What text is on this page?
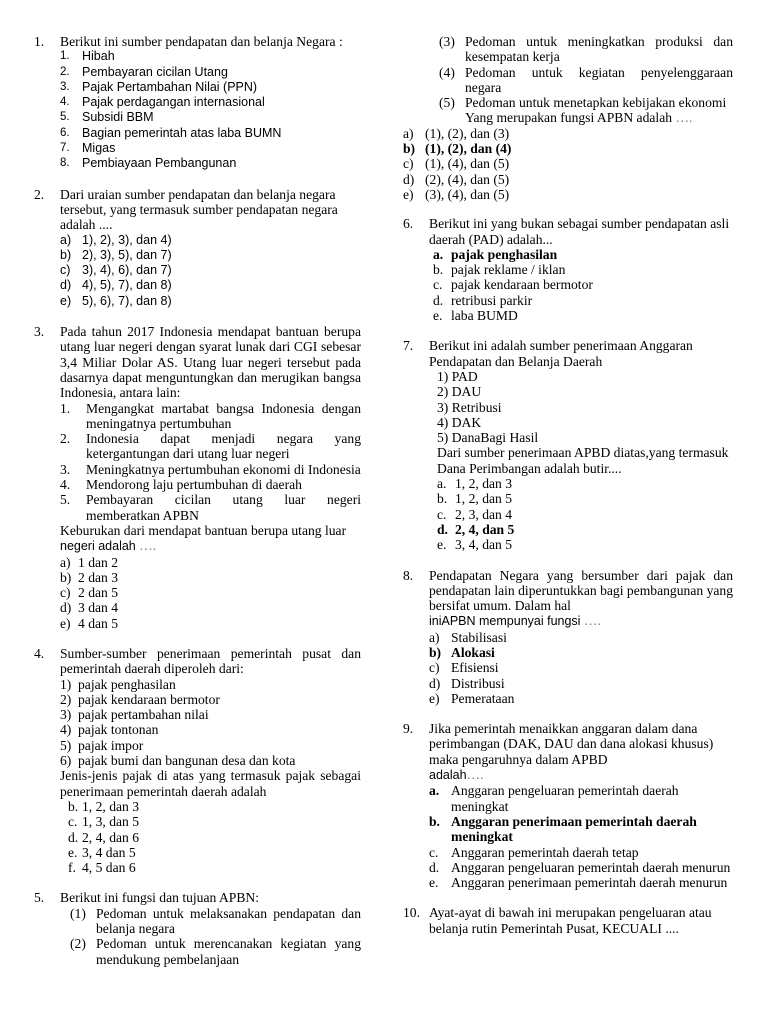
1. Berikut ini sumber pendapatan dan belanja Negara :
1. Hibah
2. Pembayaran cicilan Utang
3. Pajak Pertambahan Nilai (PPN)
4. Pajak perdagangan internasional
5. Subsidi BBM
6. Bagian pemerintah atas laba BUMN
7. Migas
8. Pembiayaan Pembangunan
2. Dari uraian sumber pendapatan dan belanja negara tersebut, yang termasuk sumber pendapatan negara adalah ....
a) 1), 2), 3), dan 4)
b) 2), 3), 5), dan 7)
c) 3), 4), 6), dan 7)
d) 4), 5), 7), dan 8)
e) 5), 6), 7), dan 8)
3. Pada tahun 2017 Indonesia mendapat bantuan berupa utang luar negeri dengan syarat lunak dari CGI sebesar 3,4 Miliar Dolar AS. Utang luar negeri tersebut pada dasarnya dapat menguntungkan dan merugikan bangsa Indonesia, antara lain:
1. Mengangkat martabat bangsa Indonesia dengan meningatnya pertumbuhan
2. Indonesia dapat menjadi negara yang ketergantungan dari utang luar negeri
3. Meningkatnya pertumbuhan ekonomi di Indonesia
4. Mendorong laju pertumbuhan di daerah
5. Pembayaran cicilan utang luar negeri memberatkan APBN
Keburukan dari mendapat bantuan berupa utang luar negeri adalah ….
a) 1 dan 2
b) 2 dan 3
c) 2 dan 5
d) 3 dan 4
e) 4 dan 5
4. Sumber-sumber penerimaan pemerintah pusat dan pemerintah daerah diperoleh dari:
1) pajak penghasilan
2) pajak kendaraan bermotor
3) pajak pertambahan nilai
4) pajak tontonan
5) pajak impor
6) pajak bumi dan bangunan desa dan kota
Jenis-jenis pajak di atas yang termasuk pajak sebagai penerimaan pemerintah daerah adalah
b. 1, 2, dan 3
c. 1, 3, dan 5
d. 2, 4, dan 6
e. 3, 4 dan 5
f. 4, 5 dan 6
5. Berikut ini fungsi dan tujuan APBN:
(1) Pedoman untuk melaksanakan pendapatan dan belanja negara
(2) Pedoman untuk merencanakan kegiatan yang mendukung pembelanjaan
(3) Pedoman untuk meningkatkan produksi dan kesempatan kerja
(4) Pedoman untuk kegiatan penyelenggaraan negara
(5) Pedoman untuk menetapkan kebijakan ekonomi
Yang merupakan fungsi APBN adalah ….
a) (1), (2), dan (3)
b) (1), (2), dan (4)
c) (1), (4), dan (5)
d) (2), (4), dan (5)
e) (3), (4), dan (5)
6. Berikut ini yang bukan sebagai sumber pendapatan asli daerah (PAD) adalah...
a. pajak penghasilan
b. pajak reklame / iklan
c. pajak kendaraan bermotor
d. retribusi parkir
e. laba BUMD
7. Berikut ini adalah sumber penerimaan Anggaran Pendapatan dan Belanja Daerah
1) PAD
2) DAU
3) Retribusi
4) DAK
5) DanaBagi Hasil
Dari sumber penerimaan APBD diatas,yang termasuk Dana Perimbangan adalah butir....
a. 1, 2, dan 3
b. 1, 2, dan 5
c. 2, 3, dan 4
d. 2, 4, dan 5
e. 3, 4, dan 5
8. Pendapatan Negara yang bersumber dari pajak dan pendapatan lain diperuntukkan bagi pembangunan yang bersifat umum. Dalam hal
iniAPBN mempunyai fungsi ….
a) Stabilisasi
b) Alokasi
c) Efisiensi
d) Distribusi
e) Pemerataan
9. Jika pemerintah menaikkan anggaran dalam dana perimbangan (DAK, DAU dan dana alokasi khusus) maka pengaruhnya dalam APBD
adalah….
a. Anggaran pengeluaran pemerintah daerah meningkat
b. Anggaran penerimaan pemerintah daerah meningkat
c. Anggaran pemerintah daerah tetap
d. Anggaran pengeluaran pemerintah daerah menurun
e. Anggaran penerimaan pemerintah daerah menurun
10. Ayat-ayat di bawah ini merupakan pengeluaran atau belanja rutin Pemerintah Pusat, KECUALI ....
